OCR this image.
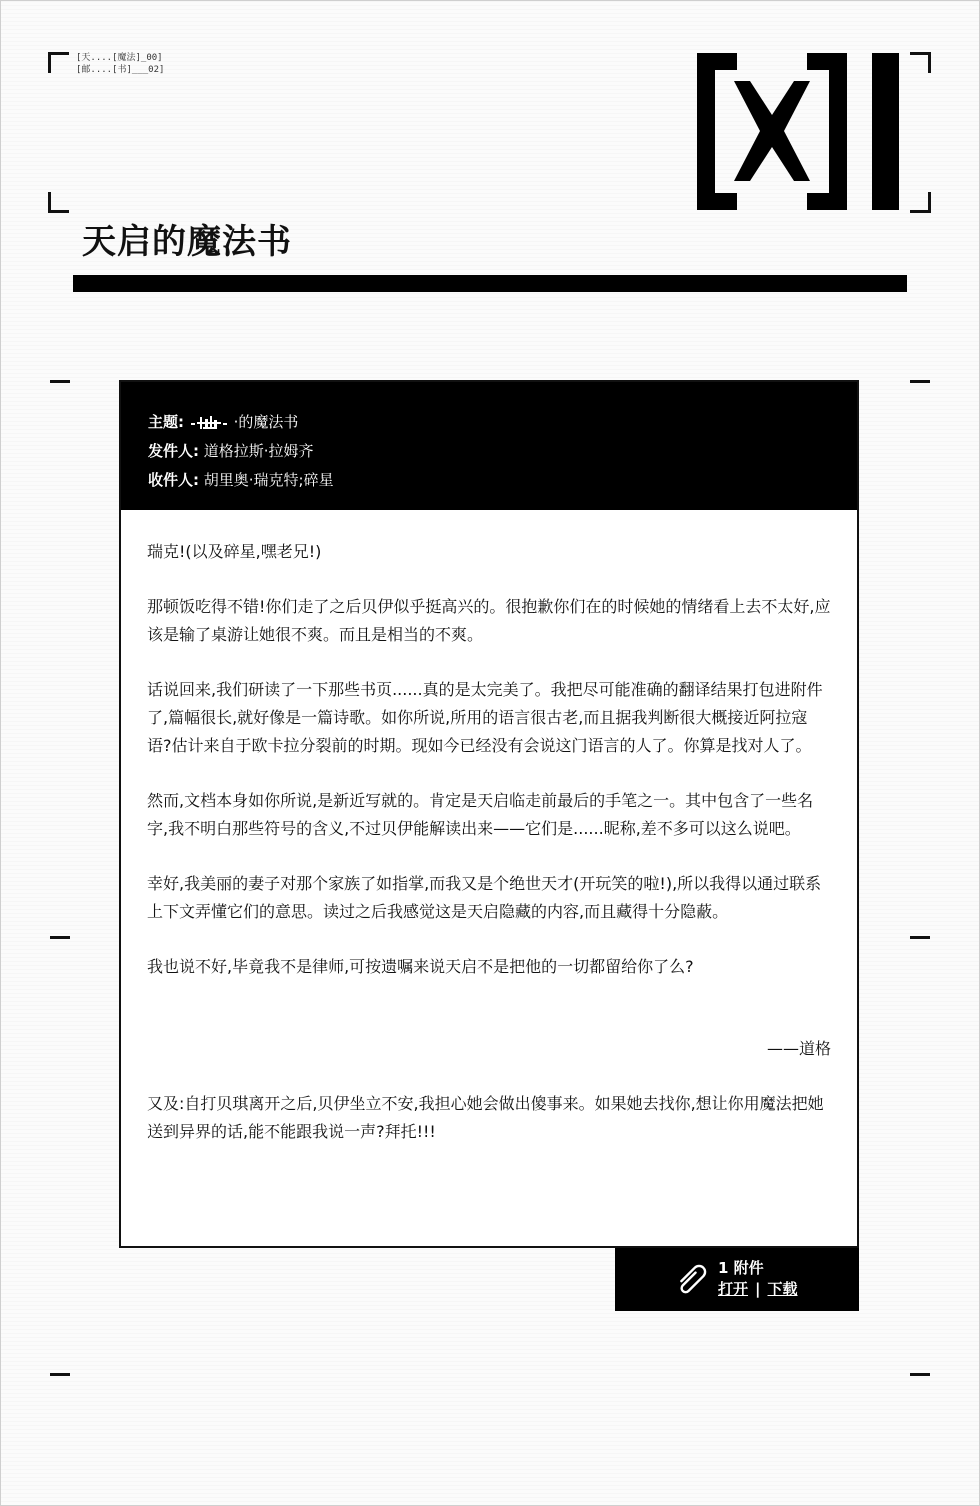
[天....[魔法]_00]
[邮....[书]___02]
天启的魔法书
主题:	·的魔法书
发件人: 道格拉斯·拉姆齐
收件人: 胡里奥·瑞克特;碎星

瑞克!(以及碎星,嘿老兄!)

那顿饭吃得不错!你们走了之后贝伊似乎挺高兴的。很抱歉你们在的时候她的情绪看上去不太好,应该是输了桌游让她很不爽。而且是相当的不爽。

话说回来,我们研读了一下那些书页......真的是太完美了。我把尽可能准确的翻译结果打包进附件了,篇幅很长,就好像是一篇诗歌。如你所说,所用的语言很古老,而且据我判断很大概接近阿拉寇语?估计来自于欧卡拉分裂前的时期。现如今已经没有会说这门语言的人了。你算是找对人了。

然而,文档本身如你所说,是新近写就的。肯定是天启临走前最后的手笔之一。其中包含了一些名字,我不明白那些符号的含义,不过贝伊能解读出来——它们是......昵称,差不多可以这么说吧。

幸好,我美丽的妻子对那个家族了如指掌,而我又是个绝世天才(开玩笑的啦!),所以我得以通过联系上下文弄懂它们的意思。读过之后我感觉这是天启隐藏的内容,而且藏得十分隐蔽。

我也说不好,毕竟我不是律师,可按遗嘱来说天启不是把他的一切都留给你了么?

——道格

又及:自打贝琪离开之后,贝伊坐立不安,我担心她会做出傻事来。如果她去找你,想让你用魔法把她送到异界的话,能不能跟我说一声?拜托!!!

1 附件
打开 | 下载
